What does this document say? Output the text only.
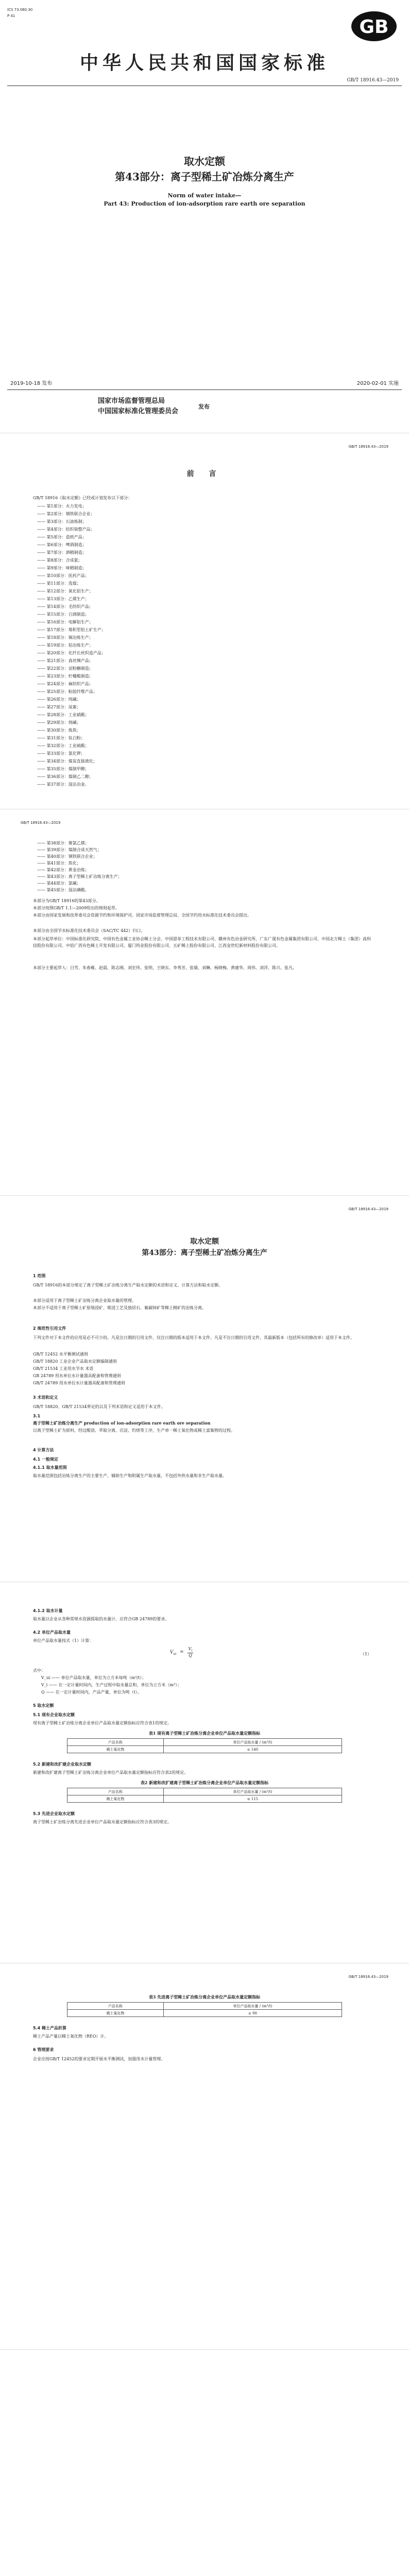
ICS 73.060.30
P 41
GB
中华人民共和国国家标准
GB/T 18916.43—2019
取水定额
第43部分：离子型稀土矿冶炼分离生产
Norm of water intake—
Part 43: Production of ion-adsorption rare earth ore separation
2019-10-18 发布	2020-02-01 实施
国家市场监督管理总局
中国国家标准化管理委员会
发布
GB/T 18916.43—2019
前 言
GB/T 18916《取水定额》已经或计划发布以下部分：
—— 第1部分：火力发电；
—— 第2部分：钢铁联合企业；
—— 第3部分：石油炼制；
—— 第4部分：纺织染整产品；
—— 第5部分：造纸产品；
—— 第6部分：啤酒制造；
—— 第7部分：酒精制造；
—— 第8部分：合成氨；
—— 第9部分：味精制造；
—— 第10部分：医药产品；
—— 第11部分：选煤；
—— 第12部分：氧化铝生产；
—— 第13部分：乙烯生产；
—— 第14部分：毛纺织产品；
—— 第15部分：白酒制造；
—— 第16部分：电解铝生产；
—— 第17部分：堆积型铝土矿生产；
—— 第18部分：铜冶炼生产；
—— 第19部分：铅冶炼生产；
—— 第20部分：化纤长丝织造产品；
—— 第21部分：真丝绸产品；
—— 第22部分：淀粉糖制造；
—— 第23部分：柠檬酸制造；
—— 第24部分：麻纺织产品；
—— 第25部分：粘胶纤维产品；
—— 第26部分：纯碱；
—— 第27部分：尿素；
—— 第28部分：工业硝酸；
—— 第29部分：烧碱；
—— 第30部分：炼焦；
—— 第31部分：钛白粉；
—— 第32部分：工业硫酸；
—— 第33部分：氯化钾；
—— 第34部分：煤炭直接液化；
—— 第35部分：煤制甲醇；
—— 第36部分：煤制乙二醇；
—— 第37部分：湿法冶金。
GB/T 18916.43—2019
—— 第38部分：聚氯乙烯；
—— 第39部分：煤制合成天然气；
—— 第40部分：钢铁联合企业；
—— 第41部分：焦化；
—— 第42部分：黄金冶炼；
—— 第43部分：离子型稀土矿冶炼分离生产；
—— 第44部分：氯碱；
—— 第45部分：湿法磷酸。
本部分为GB/T 18916的第43部分。
本部分按照GB/T 1.1—2009给出的规则起草。
本部分由国家发展和改革委员会资源节约和环境保护司、国家市场监督管理总局、全国节约用水标准化技术委员会提出。
本部分由全国节水标准化技术委员会（SAC/TC 442）归口。
本部分起草单位：中国标准化研究院、中国有色金属工业协会稀土分会、中国恩菲工程技术有限公司、赣州有色冶金研究所、广东广晟有色金属集团有限公司、中国北方稀土（集团）高科技股份有限公司、中铝广西有色稀土开发有限公司、厦门钨业股份有限公司、五矿稀土股份有限公司、江西金世纪新材料股份有限公司。
本部分主要起草人：白雪、朱春雁、赵晨、陈志刚、刘宏伟、张明、王晓东、李秀芳、张瑞、刘琳、杨晓梅、黄建华、周伟、刘洋、陈兴、张凡。
GB/T 18916.43—2019
取水定额
第43部分：离子型稀土矿冶炼分离生产
1 范围
GB/T 18916的本部分规定了离子型稀土矿冶炼分离生产取水定额的术语和定义、计算方法和取水定额。
本部分适用于离子型稀土矿冶炼分离企业取水量的管理。
本部分不适用于离子型稀土矿原地浸矿、堆浸工艺及独居石、氟碳铈矿等稀土精矿的冶炼分离。
2 规范性引用文件
下列文件对于本文件的应用是必不可少的。凡是注日期的引用文件，仅注日期的版本适用于本文件。凡是不注日期的引用文件，其最新版本（包括所有的修改单）适用于本文件。
GB/T 12452 水平衡测试通则
GB/T 18820 工业企业产品取水定额编制通则
GB/T 21534 工业用水节水 术语
GB 24789 用水单位水计量器具配备和管理通则
GB/T 24789 用水单位水计量器具配备和管理通则
3 术语和定义
GB/T 18820、GB/T 21534界定的以及下列术语和定义适用于本文件。
3.1
离子型稀土矿冶炼分离生产 production of ion-adsorption rare earth ore separation
以离子型稀土矿为原料，经过酸溶、萃取分离、沉淀、灼烧等工序，生产单一稀土氧化物或稀土富集物的过程。
4 计算方法
4.1 一般规定
4.1.1 取水量范围
取水量范围包括冶炼分离生产的主要生产、辅助生产和附属生产取水量，不包括外供水量和非生产取水量。
4.1.2 取水计量
取水量以企业从各种常规水资源提取的水量计，应符合GB 24789的要求。
4.2 单位产品取水量
单位产品取水量按式（1）计算：
$V_{ui} = \frac{V_i}{Q}$	（1）
式中：
V_ui —— 单位产品取水量，单位为立方米每吨（m³/t）；
V_i —— 在一定计量时间内，生产过程中取水量总和，单位为立方米（m³）；
Q —— 在一定计量时间内，产品产量，单位为吨（t）。
5 取水定额
5.1 现有企业取水定额
现有离子型稀土矿冶炼分离企业单位产品取水量定额指标应符合表1的规定。
表1 现有离子型稀土矿冶炼分离企业单位产品取水量定额指标
产品名称	单位产品取水量 / (m³/t)
稀土氧化物	≤ 140
5.2 新建和改扩建企业取水定额
新建和改扩建离子型稀土矿冶炼分离企业单位产品取水量定额指标应符合表2的规定。
表2 新建和改扩建离子型稀土矿冶炼分离企业单位产品取水量定额指标
产品名称	单位产品取水量 / (m³/t)
稀土氧化物	≤ 115
5.3 先进企业取水定额
离子型稀土矿冶炼分离先进企业单位产品取水量定额指标应符合表3的规定。
GB/T 18916.43—2019
表3 先进离子型稀土矿冶炼分离企业单位产品取水量定额指标
产品名称	单位产品取水量 / (m³/t)
稀土氧化物	≤ 90
5.4 稀土产品折算
稀土产品产量以稀土氧化物（REO）计。
6 管理要求
企业应按GB/T 12452的要求定期开展水平衡测试，加强用水计量管理。
